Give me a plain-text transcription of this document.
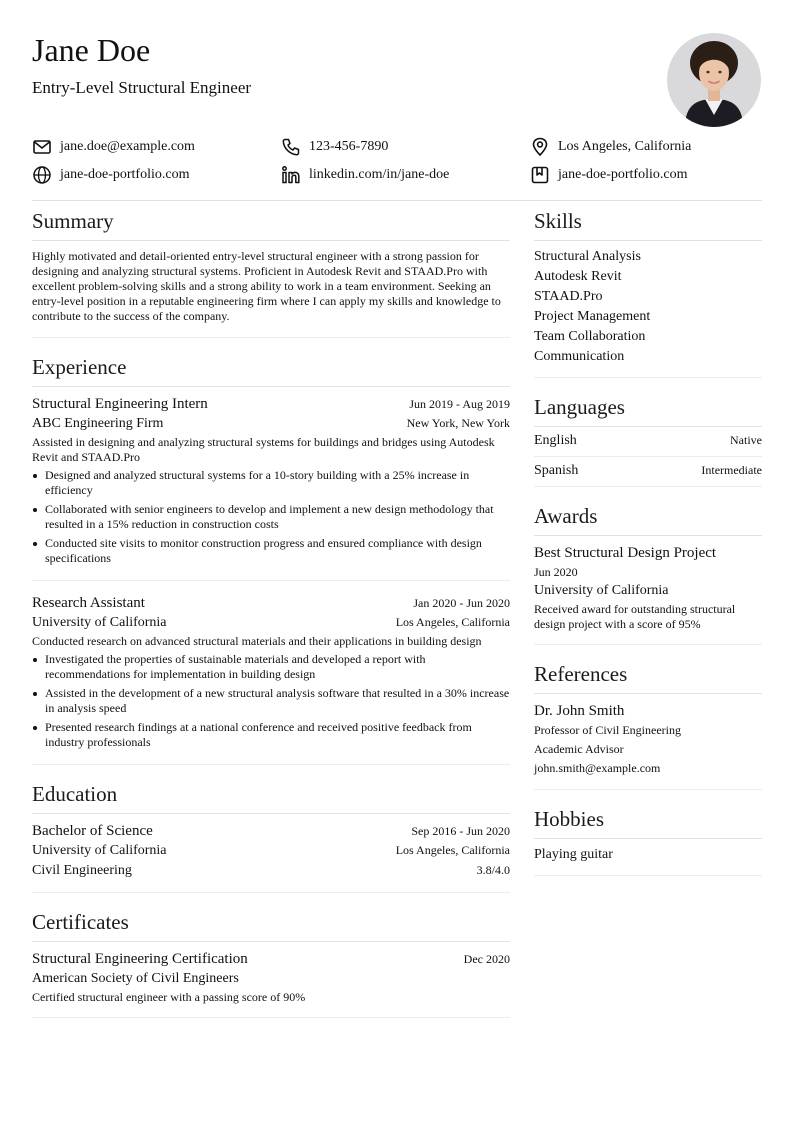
Jane Doe
Entry-Level Structural Engineer
jane.doe@example.com	123-456-7890	Los Angeles, California
jane-doe-portfolio.com	linkedin.com/in/jane-doe	jane-doe-portfolio.com
Summary

Highly motivated and detail-oriented entry-level structural engineer with a strong passion for designing and analyzing structural systems. Proficient in Autodesk Revit and STAAD.Pro with excellent problem-solving skills and a strong ability to work in a team environment. Seeking an entry-level position in a reputable engineering firm where I can apply my skills and knowledge to contribute to the success of the company.

Experience
Structural Engineering Intern	Jun 2019 - Aug 2019
ABC Engineering Firm	New York, New York
Assisted in designing and analyzing structural systems for buildings and bridges using Autodesk Revit and STAAD.Pro
Designed and analyzed structural systems for a 10-story building with a 25% increase in efficiency
Collaborated with senior engineers to develop and implement a new design methodology that resulted in a 15% reduction in construction costs
Conducted site visits to monitor construction progress and ensured compliance with design specifications
Research Assistant	Jan 2020 - Jun 2020
University of California	Los Angeles, California
Conducted research on advanced structural materials and their applications in building design
Investigated the properties of sustainable materials and developed a report with recommendations for implementation in building design
Assisted in the development of a new structural analysis software that resulted in a 30% increase in analysis speed
Presented research findings at a national conference and received positive feedback from industry professionals
Education
Bachelor of Science	Sep 2016 - Jun 2020
University of California	Los Angeles, California
Civil Engineering	3.8/4.0
Certificates
Structural Engineering Certification	Dec 2020
American Society of Civil Engineers
Certified structural engineer with a passing score of 90%
Skills
Structural Analysis
Autodesk Revit
STAAD.Pro
Project Management
Team Collaboration
Communication
Languages
English	Native
Spanish	Intermediate
Awards
Best Structural Design Project
Jun 2020
University of California
Received award for outstanding structural design project with a score of 95%
References
Dr. John Smith
Professor of Civil Engineering
Academic Advisor
john.smith@example.com
Hobbies
Playing guitar
